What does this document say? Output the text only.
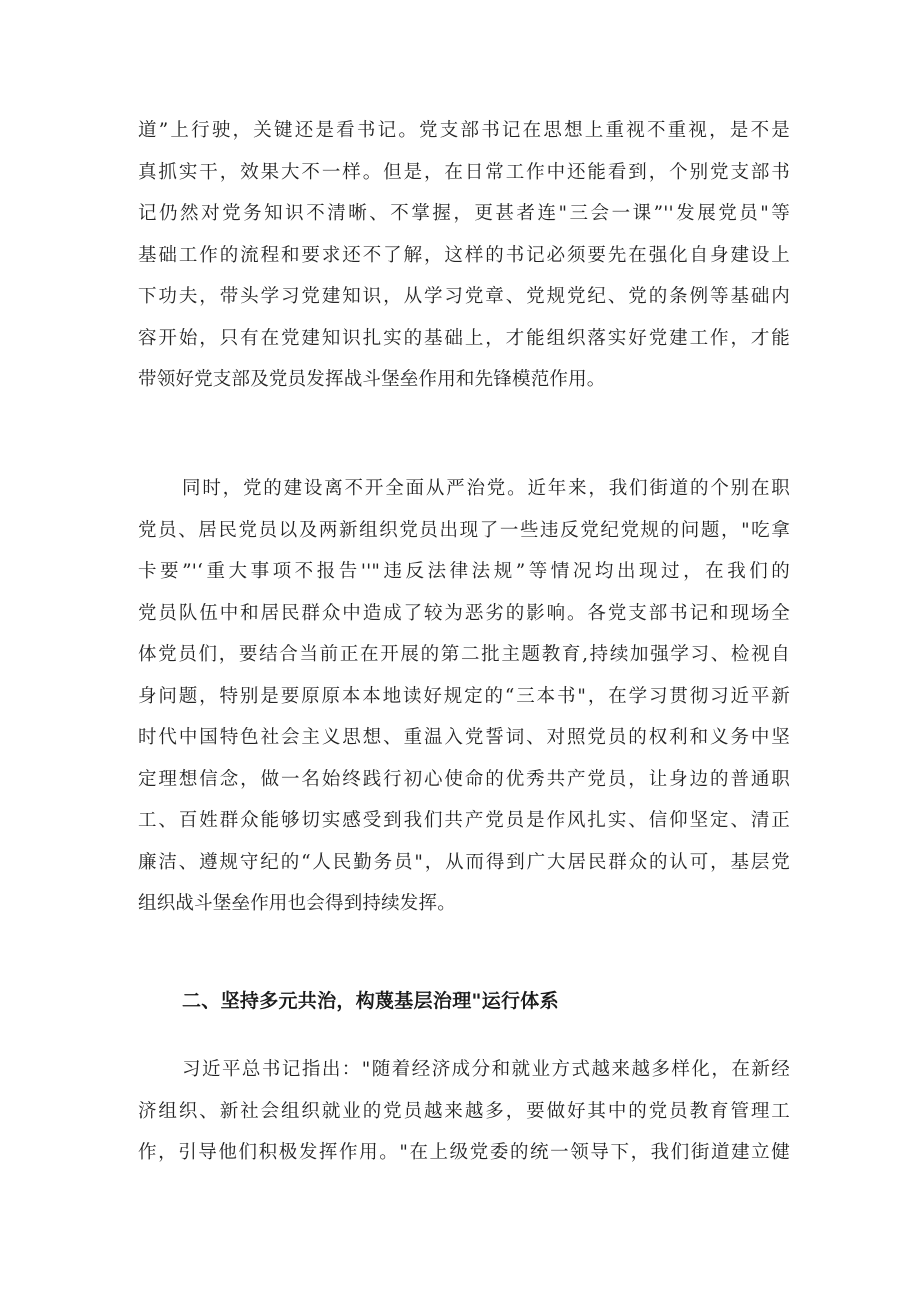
道”上行驶，关键还是看书记。党支部书记在思想上重视不重视，是不是
真抓实干，效果大不一样。但是，在日常工作中还能看到，个别党支部书
记仍然对党务知识不清晰、不掌握，更甚者连"三会一课”''发展党员"等
基础工作的流程和要求还不了解，这样的书记必须要先在强化自身建设上
下功夫，带头学习党建知识，从学习党章、党规党纪、党的条例等基础内
容开始，只有在党建知识扎实的基础上，才能组织落实好党建工作，才能
带领好党支部及党员发挥战斗堡垒作用和先锋模范作用。
同时，党的建设离不开全面从严治党。近年来，我们街道的个别在职
党员、居民党员以及两新组织党员出现了一些违反党纪党规的问题，"吃拿
卡要”'‘重大事项不报告''"违反法律法规”等情况均出现过，在我们的
党员队伍中和居民群众中造成了较为恶劣的影响。各党支部书记和现场全
体党员们，要结合当前正在开展的第二批主题教育,持续加强学习、检视自
身问题，特别是要原原本本地读好规定的“三本书"，在学习贯彻习近平新
时代中国特色社会主义思想、重温入党誓词、对照党员的权利和义务中坚
定理想信念，做一名始终践行初心使命的优秀共产党员，让身边的普通职
工、百姓群众能够切实感受到我们共产党员是作风扎实、信仰坚定、清正
廉洁、遵规守纪的“人民勤务员"，从而得到广大居民群众的认可，基层党
组织战斗堡垒作用也会得到持续发挥。
二、坚持多元共治，构蔑基层治理"运行体系
习近平总书记指出："随着经济成分和就业方式越来越多样化，在新经
济组织、新社会组织就业的党员越来越多，要做好其中的党员教育管理工
作，引导他们积极发挥作用。"在上级党委的统一领导下，我们街道建立健
